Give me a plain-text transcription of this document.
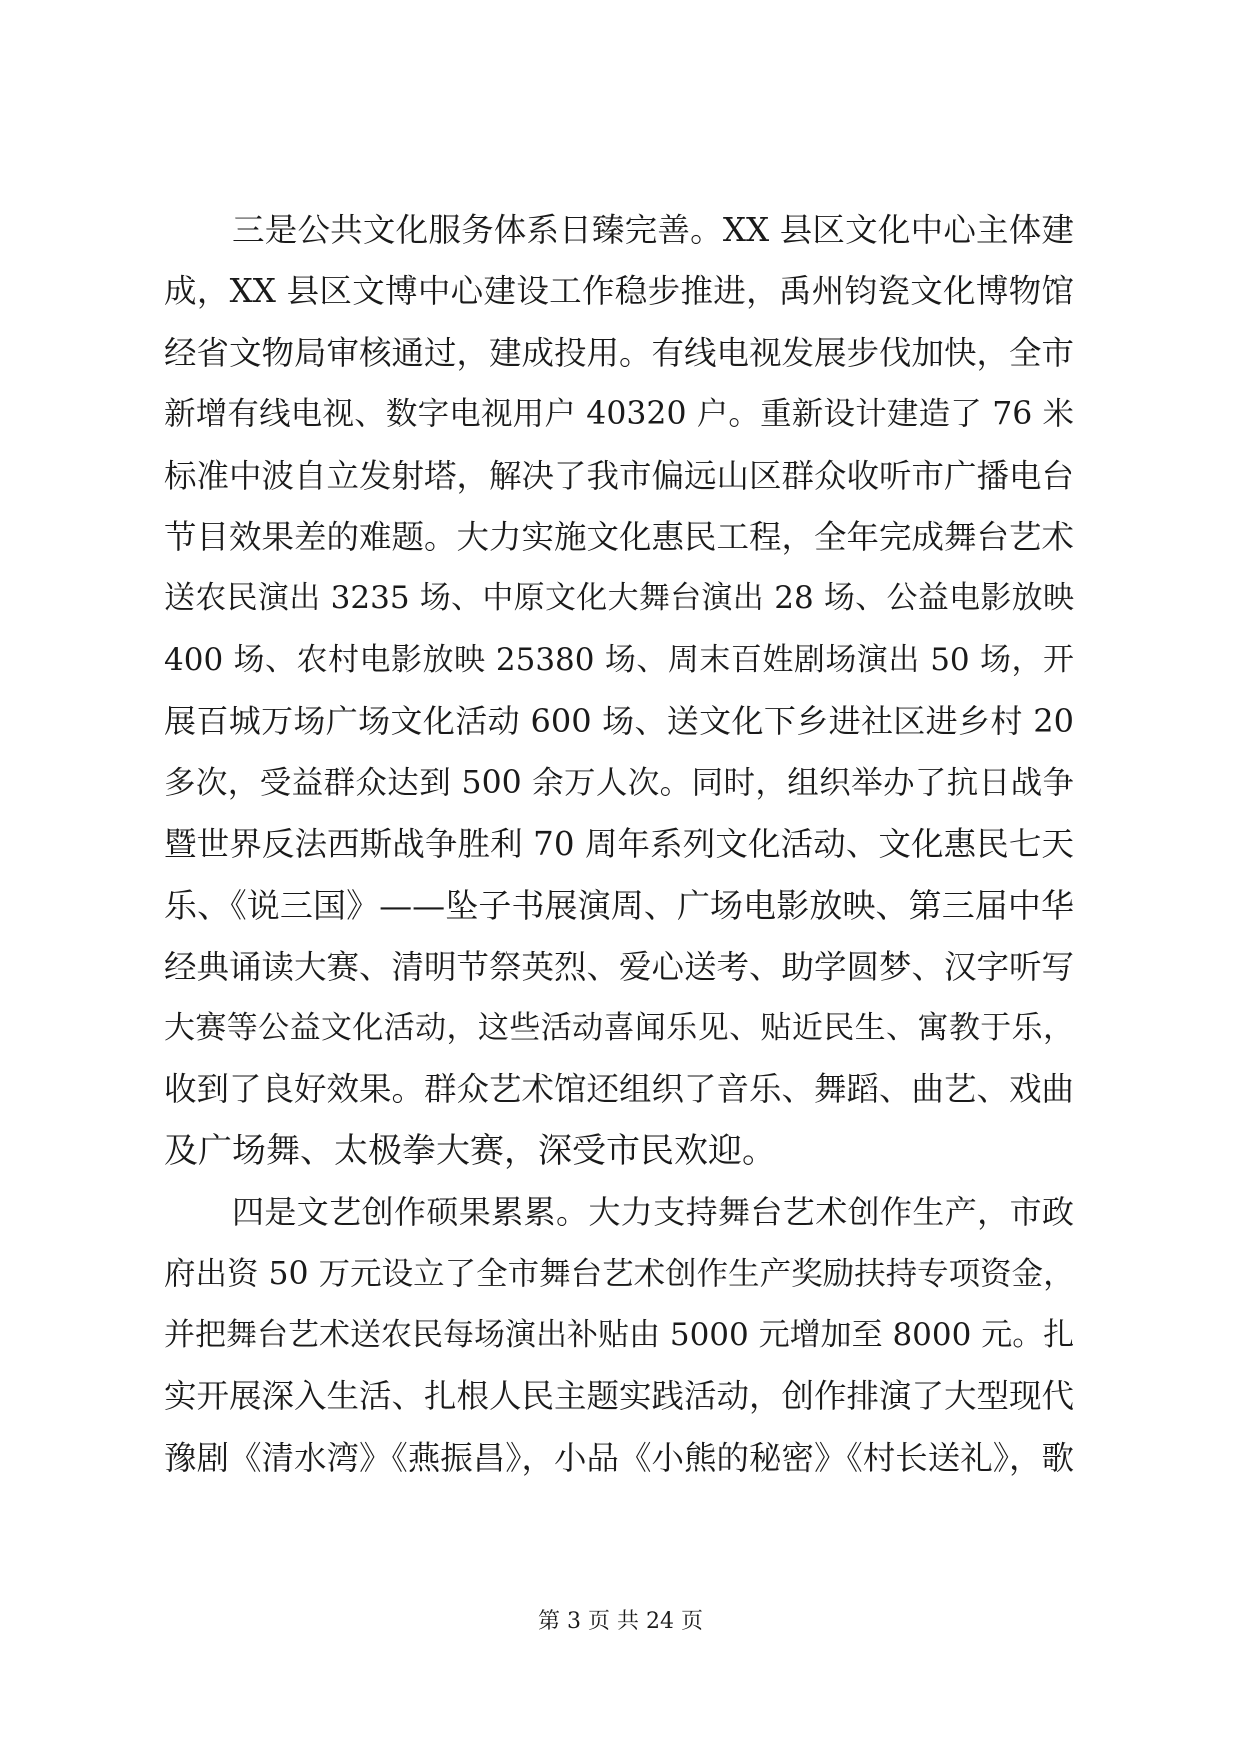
三是公共文化服务体系日臻完善。XX 县区文化中心主体建
成，XX 县区文博中心建设工作稳步推进，禹州钧瓷文化博物馆
经省文物局审核通过，建成投用。有线电视发展步伐加快，全市
新增有线电视、数字电视用户 40320 户。重新设计建造了 76 米
标准中波自立发射塔，解决了我市偏远山区群众收听市广播电台
节目效果差的难题。大力实施文化惠民工程，全年完成舞台艺术
送农民演出 3235 场、中原文化大舞台演出 28 场、公益电影放映
400 场、农村电影放映 25380 场、周末百姓剧场演出 50 场，开
展百城万场广场文化活动 600 场、送文化下乡进社区进乡村 20
多次，受益群众达到 500 余万人次。同时，组织举办了抗日战争
暨世界反法西斯战争胜利 70 周年系列文化活动、文化惠民七天
乐、《说三国》——坠子书展演周、广场电影放映、第三届中华
经典诵读大赛、清明节祭英烈、爱心送考、助学圆梦、汉字听写
大赛等公益文化活动，这些活动喜闻乐见、贴近民生、寓教于乐，
收到了良好效果。群众艺术馆还组织了音乐、舞蹈、曲艺、戏曲
及广场舞、太极拳大赛，深受市民欢迎。
四是文艺创作硕果累累。大力支持舞台艺术创作生产，市政
府出资 50 万元设立了全市舞台艺术创作生产奖励扶持专项资金，
并把舞台艺术送农民每场演出补贴由 5000 元增加至 8000 元。扎
实开展深入生活、扎根人民主题实践活动，创作排演了大型现代
豫剧《清水湾》《燕振昌》，小品《小熊的秘密》《村长送礼》，歌
第 3 页 共 24 页
